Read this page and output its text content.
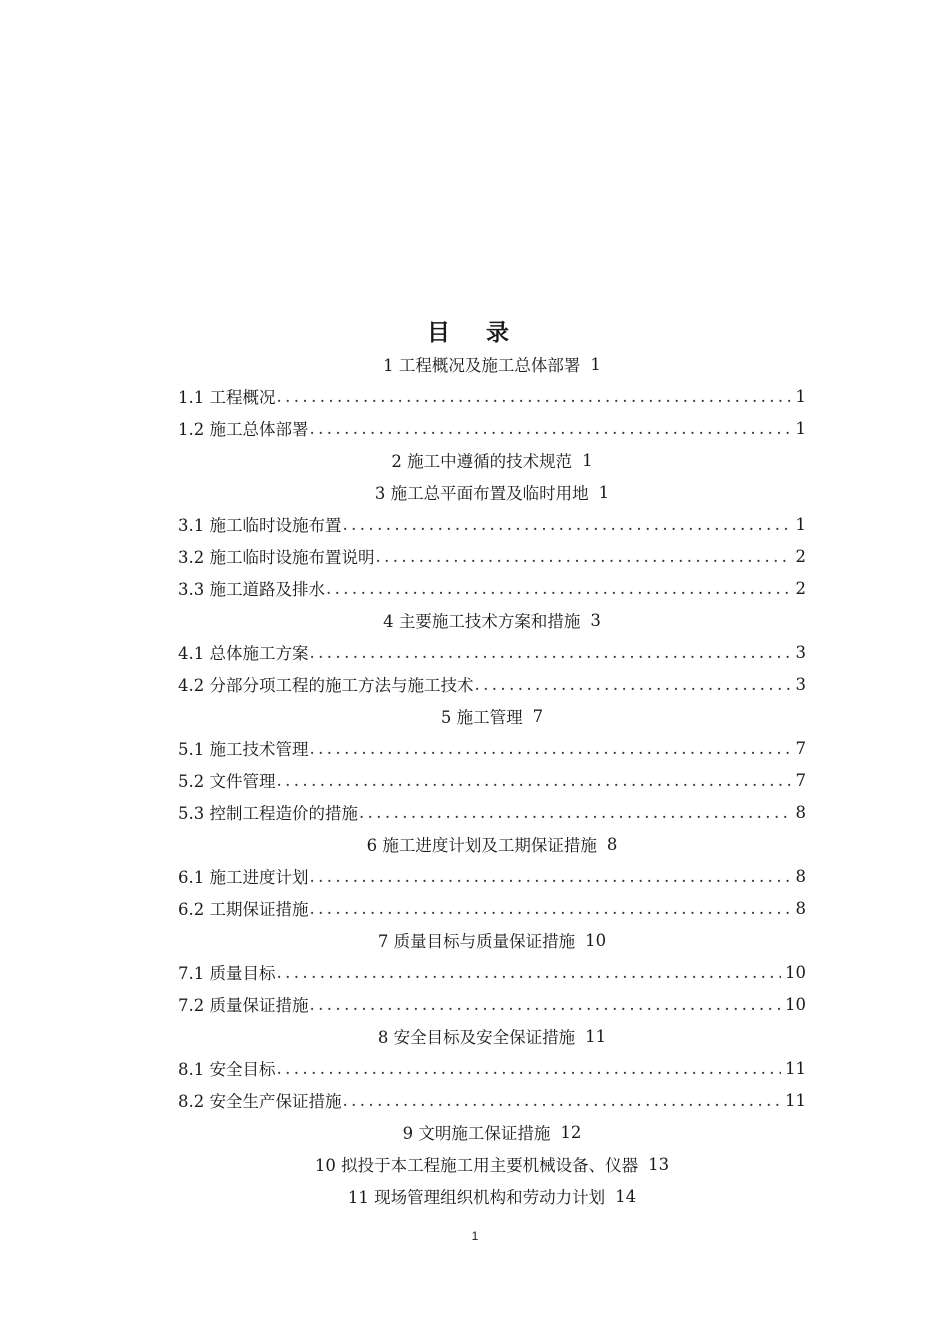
目 录
1 工程概况及施工总体部署 1
1.1 工程概况 .....	1
1.2 施工总体部署 .....	1
2 施工中遵循的技术规范 1
3 施工总平面布置及临时用地 1
3.1 施工临时设施布置 .....	1
3.2 施工临时设施布置说明 .....	2
3.3 施工道路及排水 .....	2
4 主要施工技术方案和措施 3
4.1 总体施工方案 .....	3
4.2 分部分项工程的施工方法与施工技术 .....	3
5 施工管理 7
5.1 施工技术管理 .....	7
5.2 文件管理 .....	7
5.3 控制工程造价的措施 .....	8
6 施工进度计划及工期保证措施 8
6.1 施工进度计划 .....	8
6.2 工期保证措施 .....	8
7 质量目标与质量保证措施 10
7.1 质量目标 .....	10
7.2 质量保证措施 .....	10
8 安全目标及安全保证措施 11
8.1 安全目标 .....	11
8.2 安全生产保证措施 .....	11
9 文明施工保证措施 12
10 拟投于本工程施工用主要机械设备、仪器 13
11 现场管理组织机构和劳动力计划 14
1
